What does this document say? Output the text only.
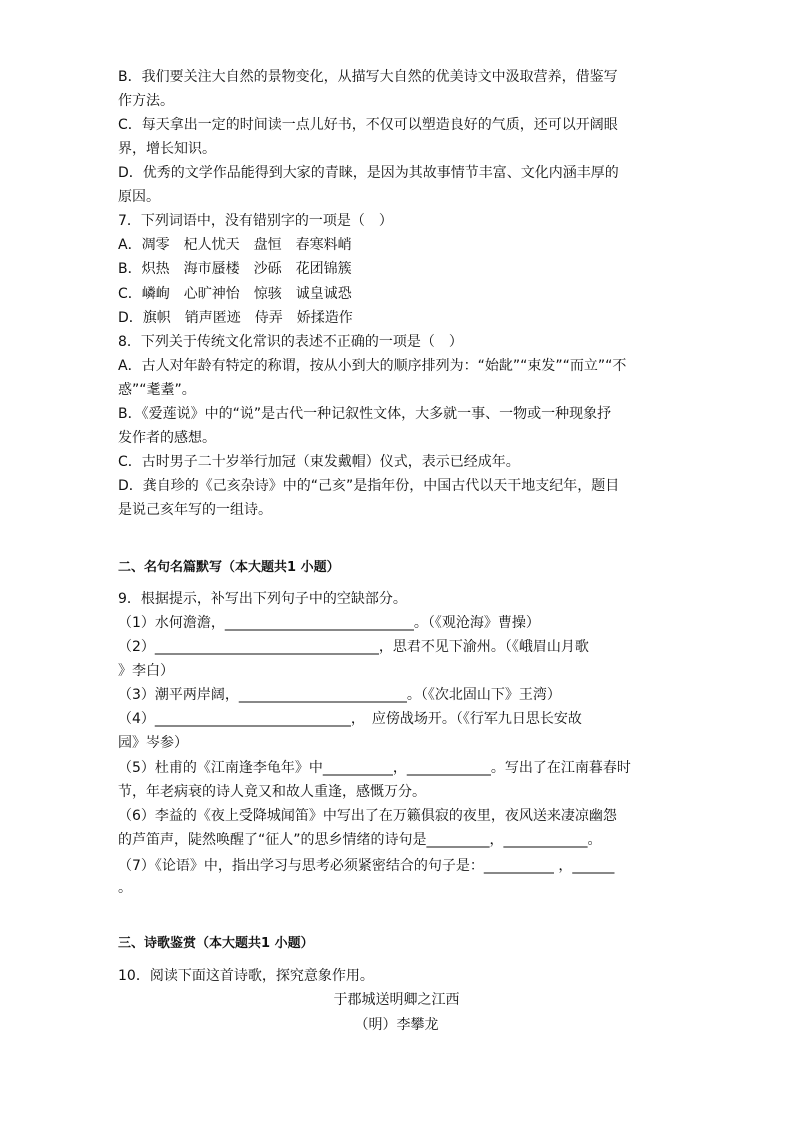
B．我们要关注大自然的景物变化，从描写大自然的优美诗文中汲取营养，借鉴写
作方法。
C．每天拿出一定的时间读一点儿好书，不仅可以塑造良好的气质，还可以开阔眼
界，增长知识。
D．优秀的文学作品能得到大家的青睐，是因为其故事情节丰富、文化内涵丰厚的
原因。
7．下列词语中，没有错别字的一项是（　）
A．凋零　杞人忧天　盘恒　春寒料峭
B．炽热　海市蜃楼　沙砾　花团锦簇
C．嶙峋　心旷神怡　惊骇　诚皇诚恐
D．旗帜　销声匿迹　侍弄　娇揉造作
8．下列关于传统文化常识的表述不正确的一项是（　）
A．古人对年龄有特定的称谓，按从小到大的顺序排列为：“始龀”“束发”“而立”“不
惑”“耄耋”。
B．《爱莲说》中的“说”是古代一种记叙性文体，大多就一事、一物或一种现象抒
发作者的感想。
C．古时男子二十岁举行加冠（束发戴帽）仪式，表示已经成年。
D．龚自珍的《己亥杂诗》中的“己亥”是指年份，中国古代以天干地支纪年，题目
是说己亥年写的一组诗。
二、名句名篇默写（本大题共1 小题）
9．根据提示，补写出下列句子中的空缺部分。
（1）水何澹澹，___________________________。（《观沧海》曹操）
（2）________________________________，思君不见下渝州。（《峨眉山月歌
》李白）
（3）潮平两岸阔，________________________。（《次北固山下》王湾）
（4）____________________________，　应傍战场开。（《行军九日思长安故
园》岑参）
（5）杜甫的《江南逢李龟年》中__________，____________。写出了在江南暮春时
节，年老病衰的诗人竟又和故人重逢，感慨万分。
（6）李益的《夜上受降城闻笛》中写出了在万籁俱寂的夜里，夜风送来凄凉幽怨
的芦笛声，陡然唤醒了“征人”的思乡情绪的诗句是_________，____________。
（7）《论语》中，指出学习与思考必须紧密结合的句子是：__________ ，______
。
三、诗歌鉴赏（本大题共1 小题）
10．阅读下面这首诗歌，探究意象作用。
于郡城送明卿之江西
（明）李攀龙
